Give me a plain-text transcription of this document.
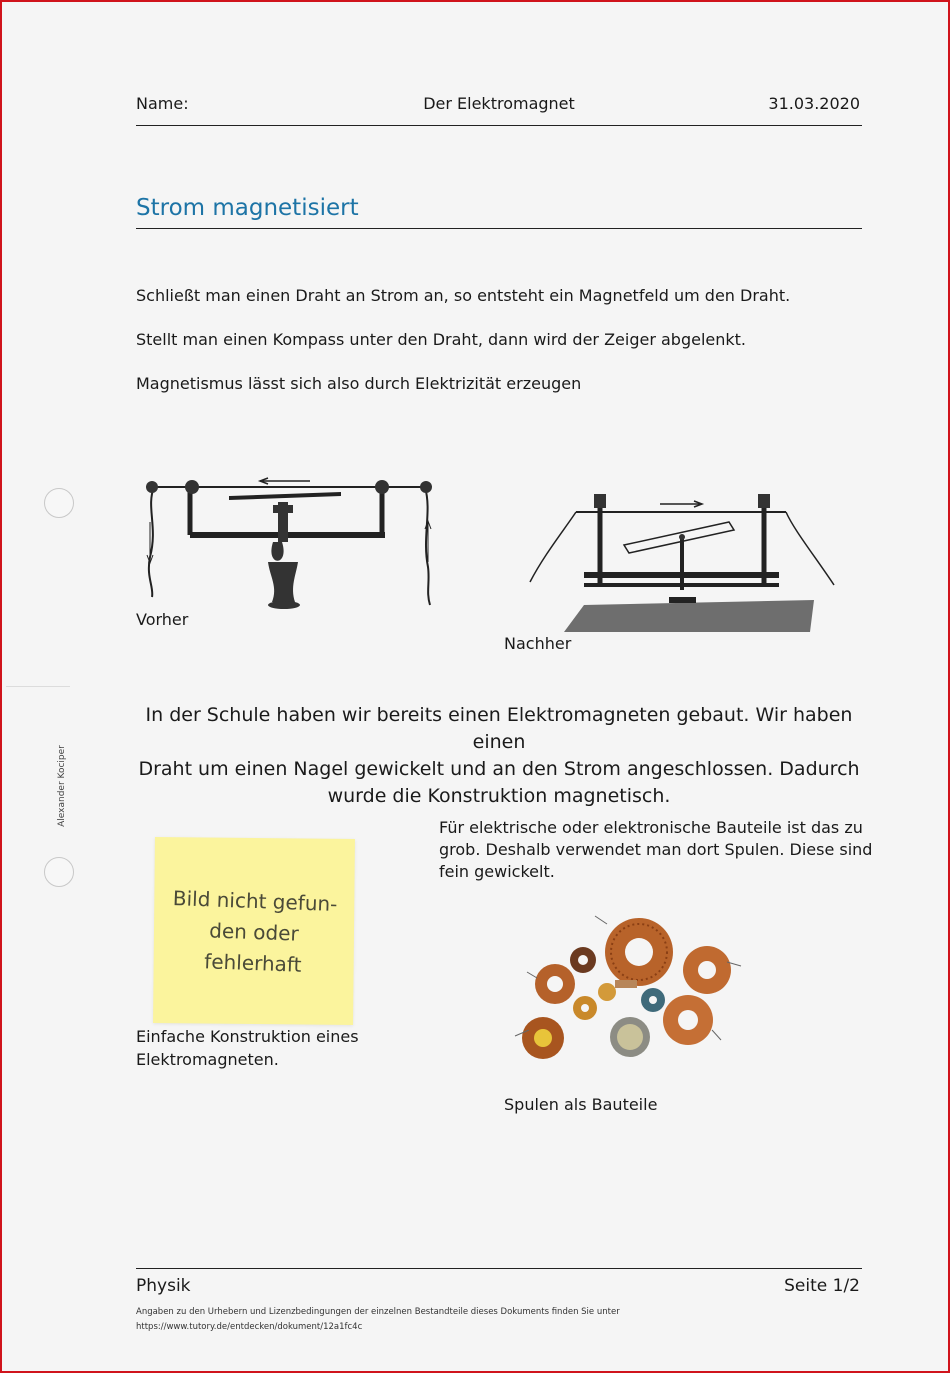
Name:	Der Elektromagnet	31.03.2020
Strom magnetisiert
Schließt man einen Draht an Strom an, so entsteht ein Magnetfeld um den Draht.
Stellt man einen Kompass unter den Draht, dann wird der Zeiger abgelenkt.
Magnetismus lässt sich also durch Elektrizität erzeugen
Vorher
Nachher
In der Schule haben wir bereits einen Elektromagneten gebaut. Wir haben einen
Draht um einen Nagel gewickelt und an den Strom angeschlossen. Dadurch
wurde die Konstruktion magnetisch.
Bild nicht gefun-
den oder
fehlerhaft
Einfache Konstruktion eines
Elektromagneten.
Für elektrische oder elektronische Bauteile ist das zu
grob. Deshalb verwendet man dort Spulen. Diese sind
fein gewickelt.
Spulen als Bauteile
Alexander Kociper
Physik	Seite 1/2
Angaben zu den Urhebern und Lizenzbedingungen der einzelnen Bestandteile dieses Dokuments finden Sie unter
https://www.tutory.de/entdecken/dokument/12a1fc4c
